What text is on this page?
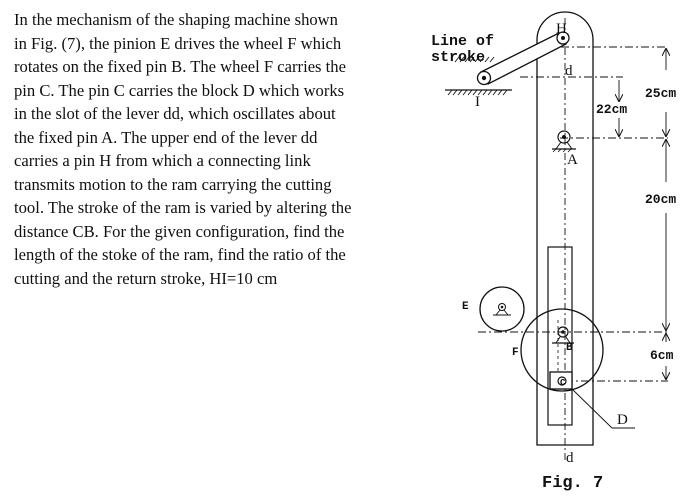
In the mechanism of the shaping machine shown
in Fig. (7), the pinion E drives the wheel F which
rotates on the fixed pin B. The wheel F carries the
pin C. The pin C carries the block D which works
in the slot of the lever dd, which oscillates about
the fixed pin A. The upper end of the lever dd
carries a pin H from which a connecting link
transmits motion to the ram carrying the cutting
tool. The stroke of the ram is varied by altering the
distance CB. For the given configuration, find the
length of the stoke of the ram, find the ratio of the
cutting and the return stroke, HI=10 cm
Line of
stroke
H
d
I
A
E
F	B
C
D
d
25cm
22cm
20cm
6cm
Fig. 7
